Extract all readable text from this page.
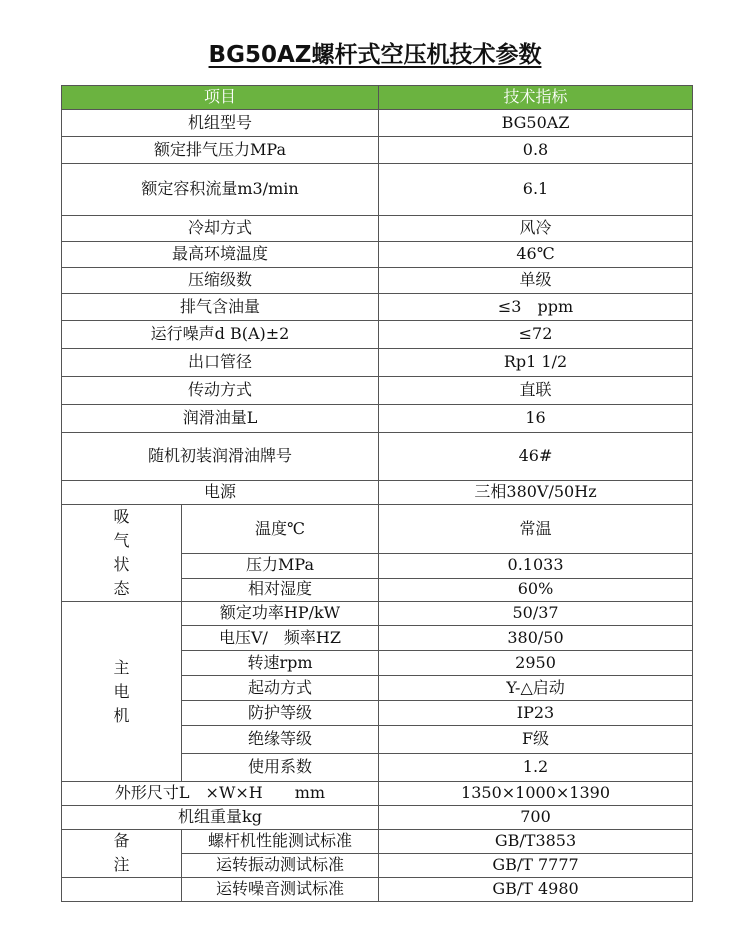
BG50AZ螺杆式空压机技术参数
项目		技术指标
机组型号		BG50AZ
额定排气压力MPa		0.8
额定容积流量m3/min		6.1
冷却方式		风冷
最高环境温度		46℃
压缩级数		单级
排气含油量		≤3　ppm
运行噪声d B(A)±2		≤72
出口管径		Rp1 1/2
传动方式		直联
润滑油量L		16
随机初装润滑油牌号		46#
电源		三相380V/50Hz

吸
气
状
态	温度℃	常温
	压力MPa	0.1033
	相对湿度	60%

主
电
机	额定功率HP/kW	50/37
	电压V/　频率HZ	380/50
	转速rpm	2950
	起动方式	Y-△启动
	防护等级	IP23
	绝缘等级	F级
	使用系数	1.2
外形尺寸L　×W×H　　mm		1350×1000×1390
机组重量kg		700
备	螺杆机性能测试标准	GB/T3853
注	运转振动测试标准	GB/T 7777
	运转噪音测试标准	GB/T 4980
